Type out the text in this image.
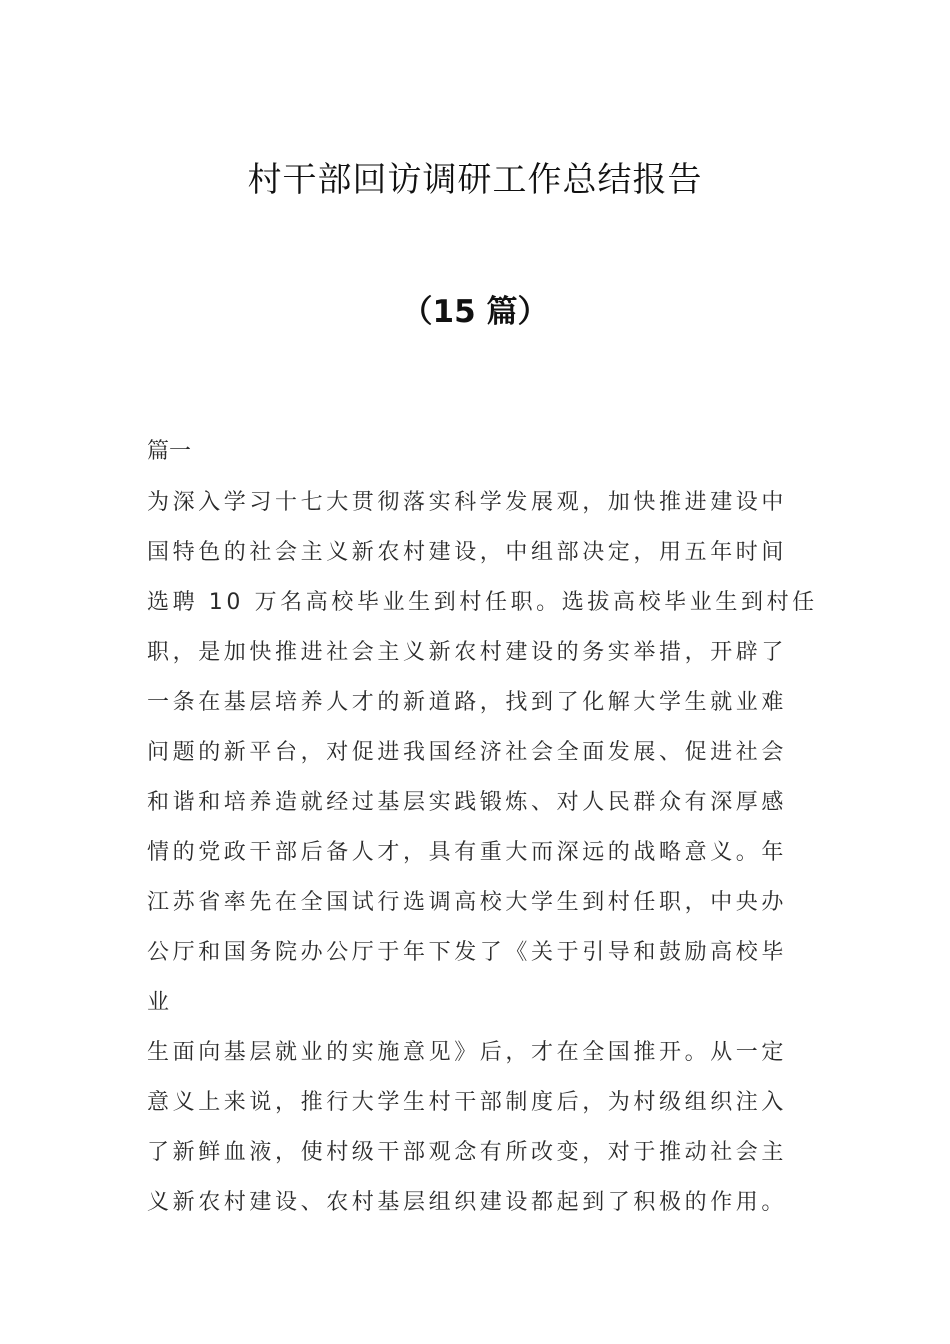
村干部回访调研工作总结报告
（15 篇）

篇一

为深入学习十七大贯彻落实科学发展观，加快推进建设中
国特色的社会主义新农村建设，中组部决定，用五年时间
选聘 10 万名高校毕业生到村任职。选拔高校毕业生到村任
职，是加快推进社会主义新农村建设的务实举措，开辟了
一条在基层培养人才的新道路，找到了化解大学生就业难
问题的新平台，对促进我国经济社会全面发展、促进社会
和谐和培养造就经过基层实践锻炼、对人民群众有深厚感
情的党政干部后备人才，具有重大而深远的战略意义。年
江苏省率先在全国试行选调高校大学生到村任职，中央办
公厅和国务院办公厅于年下发了《关于引导和鼓励高校毕
业
生面向基层就业的实施意见》后，才在全国推开。从一定
意义上来说，推行大学生村干部制度后，为村级组织注入
了新鲜血液，使村级干部观念有所改变，对于推动社会主
义新农村建设、农村基层组织建设都起到了积极的作用。
